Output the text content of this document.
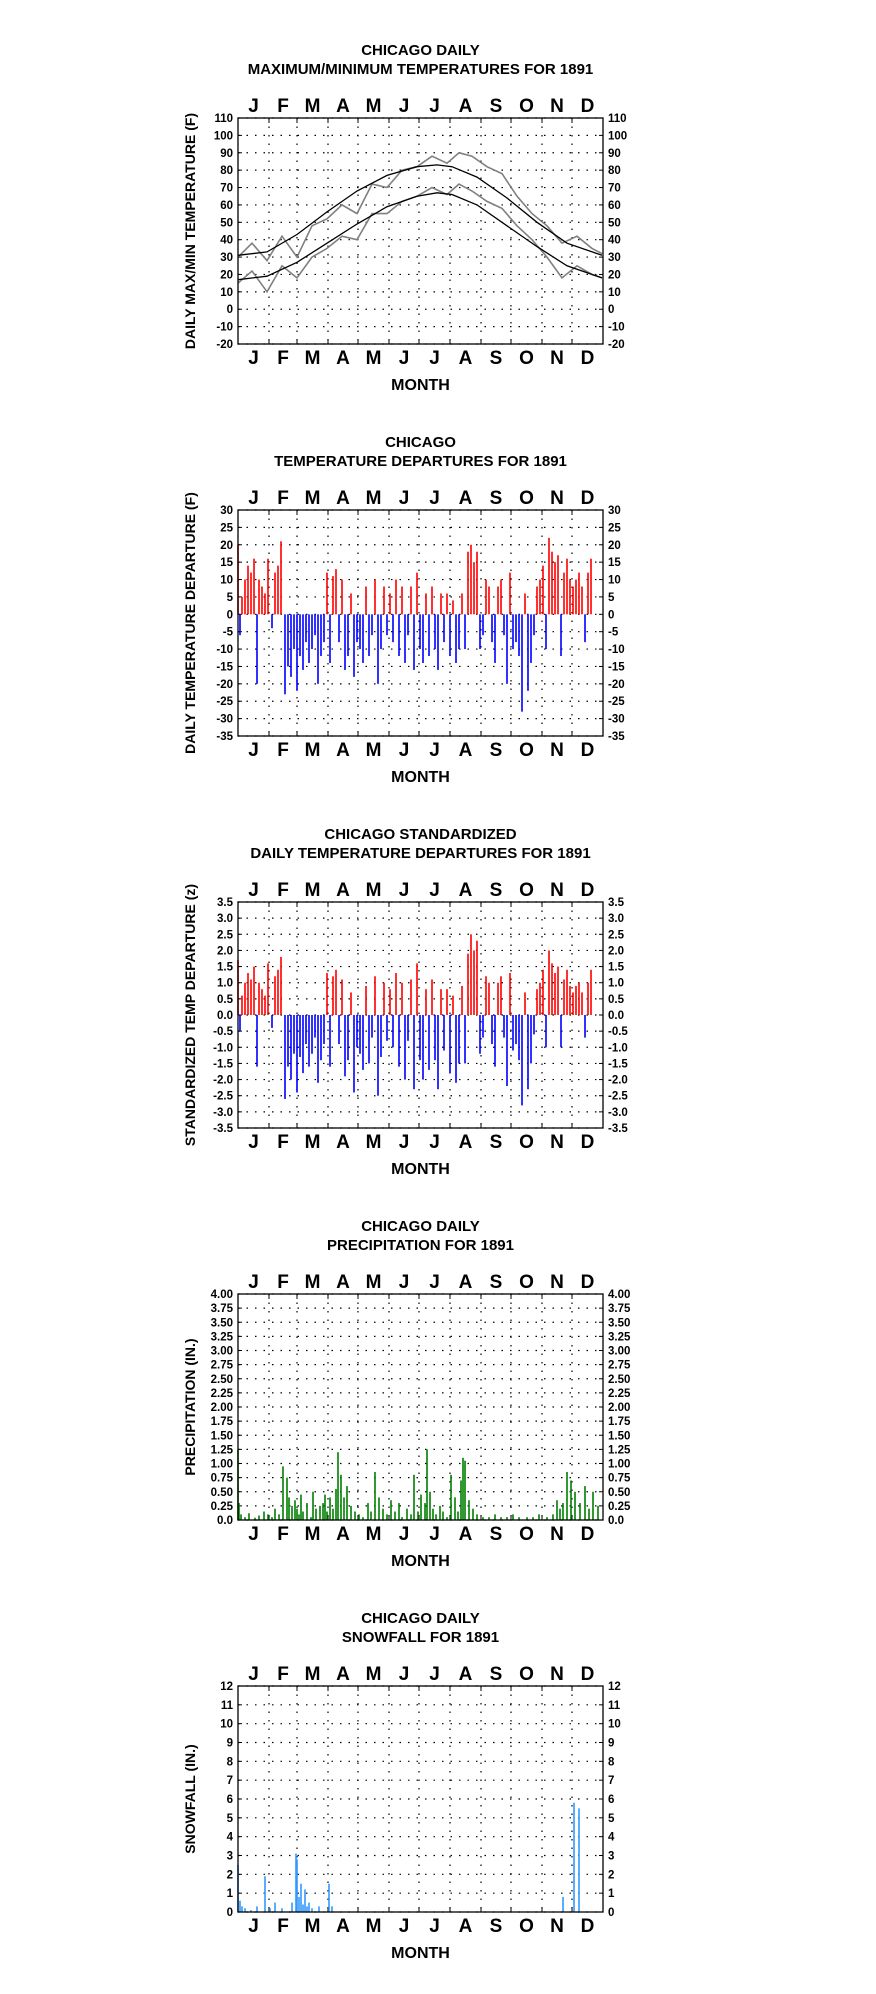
CHICAGO DAILY
MAXIMUM/MINIMUM TEMPERATURES FOR 1891
110	110
100	100
90	90
80	80
70	70
60	60
50	50
40	40
30	30
20	20
10	10
0	0
-10	-10
-20	-20
J
J
F
F
M
M
A
A
M
M
J
J
J
J
A
A
S
S
O
O
N
N
D
D
MONTH
DAILY MAX/MIN TEMPERATURE (F)
CHICAGO
TEMPERATURE DEPARTURES FOR 1891
30	30
25	25
20	20
15	15
10	10
5	5
0	0
-5	-5
-10	-10
-15	-15
-20	-20
-25	-25
-30	-30
-35	-35
J
J
F
F
M
M
A
A
M
M
J
J
J
J
A
A
S
S
O
O
N
N
D
D
MONTH
DAILY TEMPERATURE DEPARTURE (F)
CHICAGO STANDARDIZED
DAILY TEMPERATURE DEPARTURES FOR 1891
3.5	3.5
3.0	3.0
2.5	2.5
2.0	2.0
1.5	1.5
1.0	1.0
0.5	0.5
0.0	0.0
-0.5	-0.5
-1.0	-1.0
-1.5	-1.5
-2.0	-2.0
-2.5	-2.5
-3.0	-3.0
-3.5	-3.5
J
J
F
F
M
M
A
A
M
M
J
J
J
J
A
A
S
S
O
O
N
N
D
D
MONTH
STANDARDIZED TEMP DEPARTURE (z)
CHICAGO DAILY
PRECIPITATION FOR 1891
4.00	4.00
3.75	3.75
3.50	3.50
3.25	3.25
3.00	3.00
2.75	2.75
2.50	2.50
2.25	2.25
2.00	2.00
1.75	1.75
1.50	1.50
1.25	1.25
1.00	1.00
0.75	0.75
0.50	0.50
0.25	0.25
0.0	0.0
J
J
F
F
M
M
A
A
M
M
J
J
J
J
A
A
S
S
O
O
N
N
D
D
MONTH
PRECIPITATION (IN.)
CHICAGO DAILY
SNOWFALL FOR 1891
12	12
11	11
10	10
9	9
8	8
7	7
6	6
5	5
4	4
3	3
2	2
1	1
0	0
J
J
F
F
M
M
A
A
M
M
J
J
J
J
A
A
S
S
O
O
N
N
D
D
MONTH
SNOWFALL (IN.)
